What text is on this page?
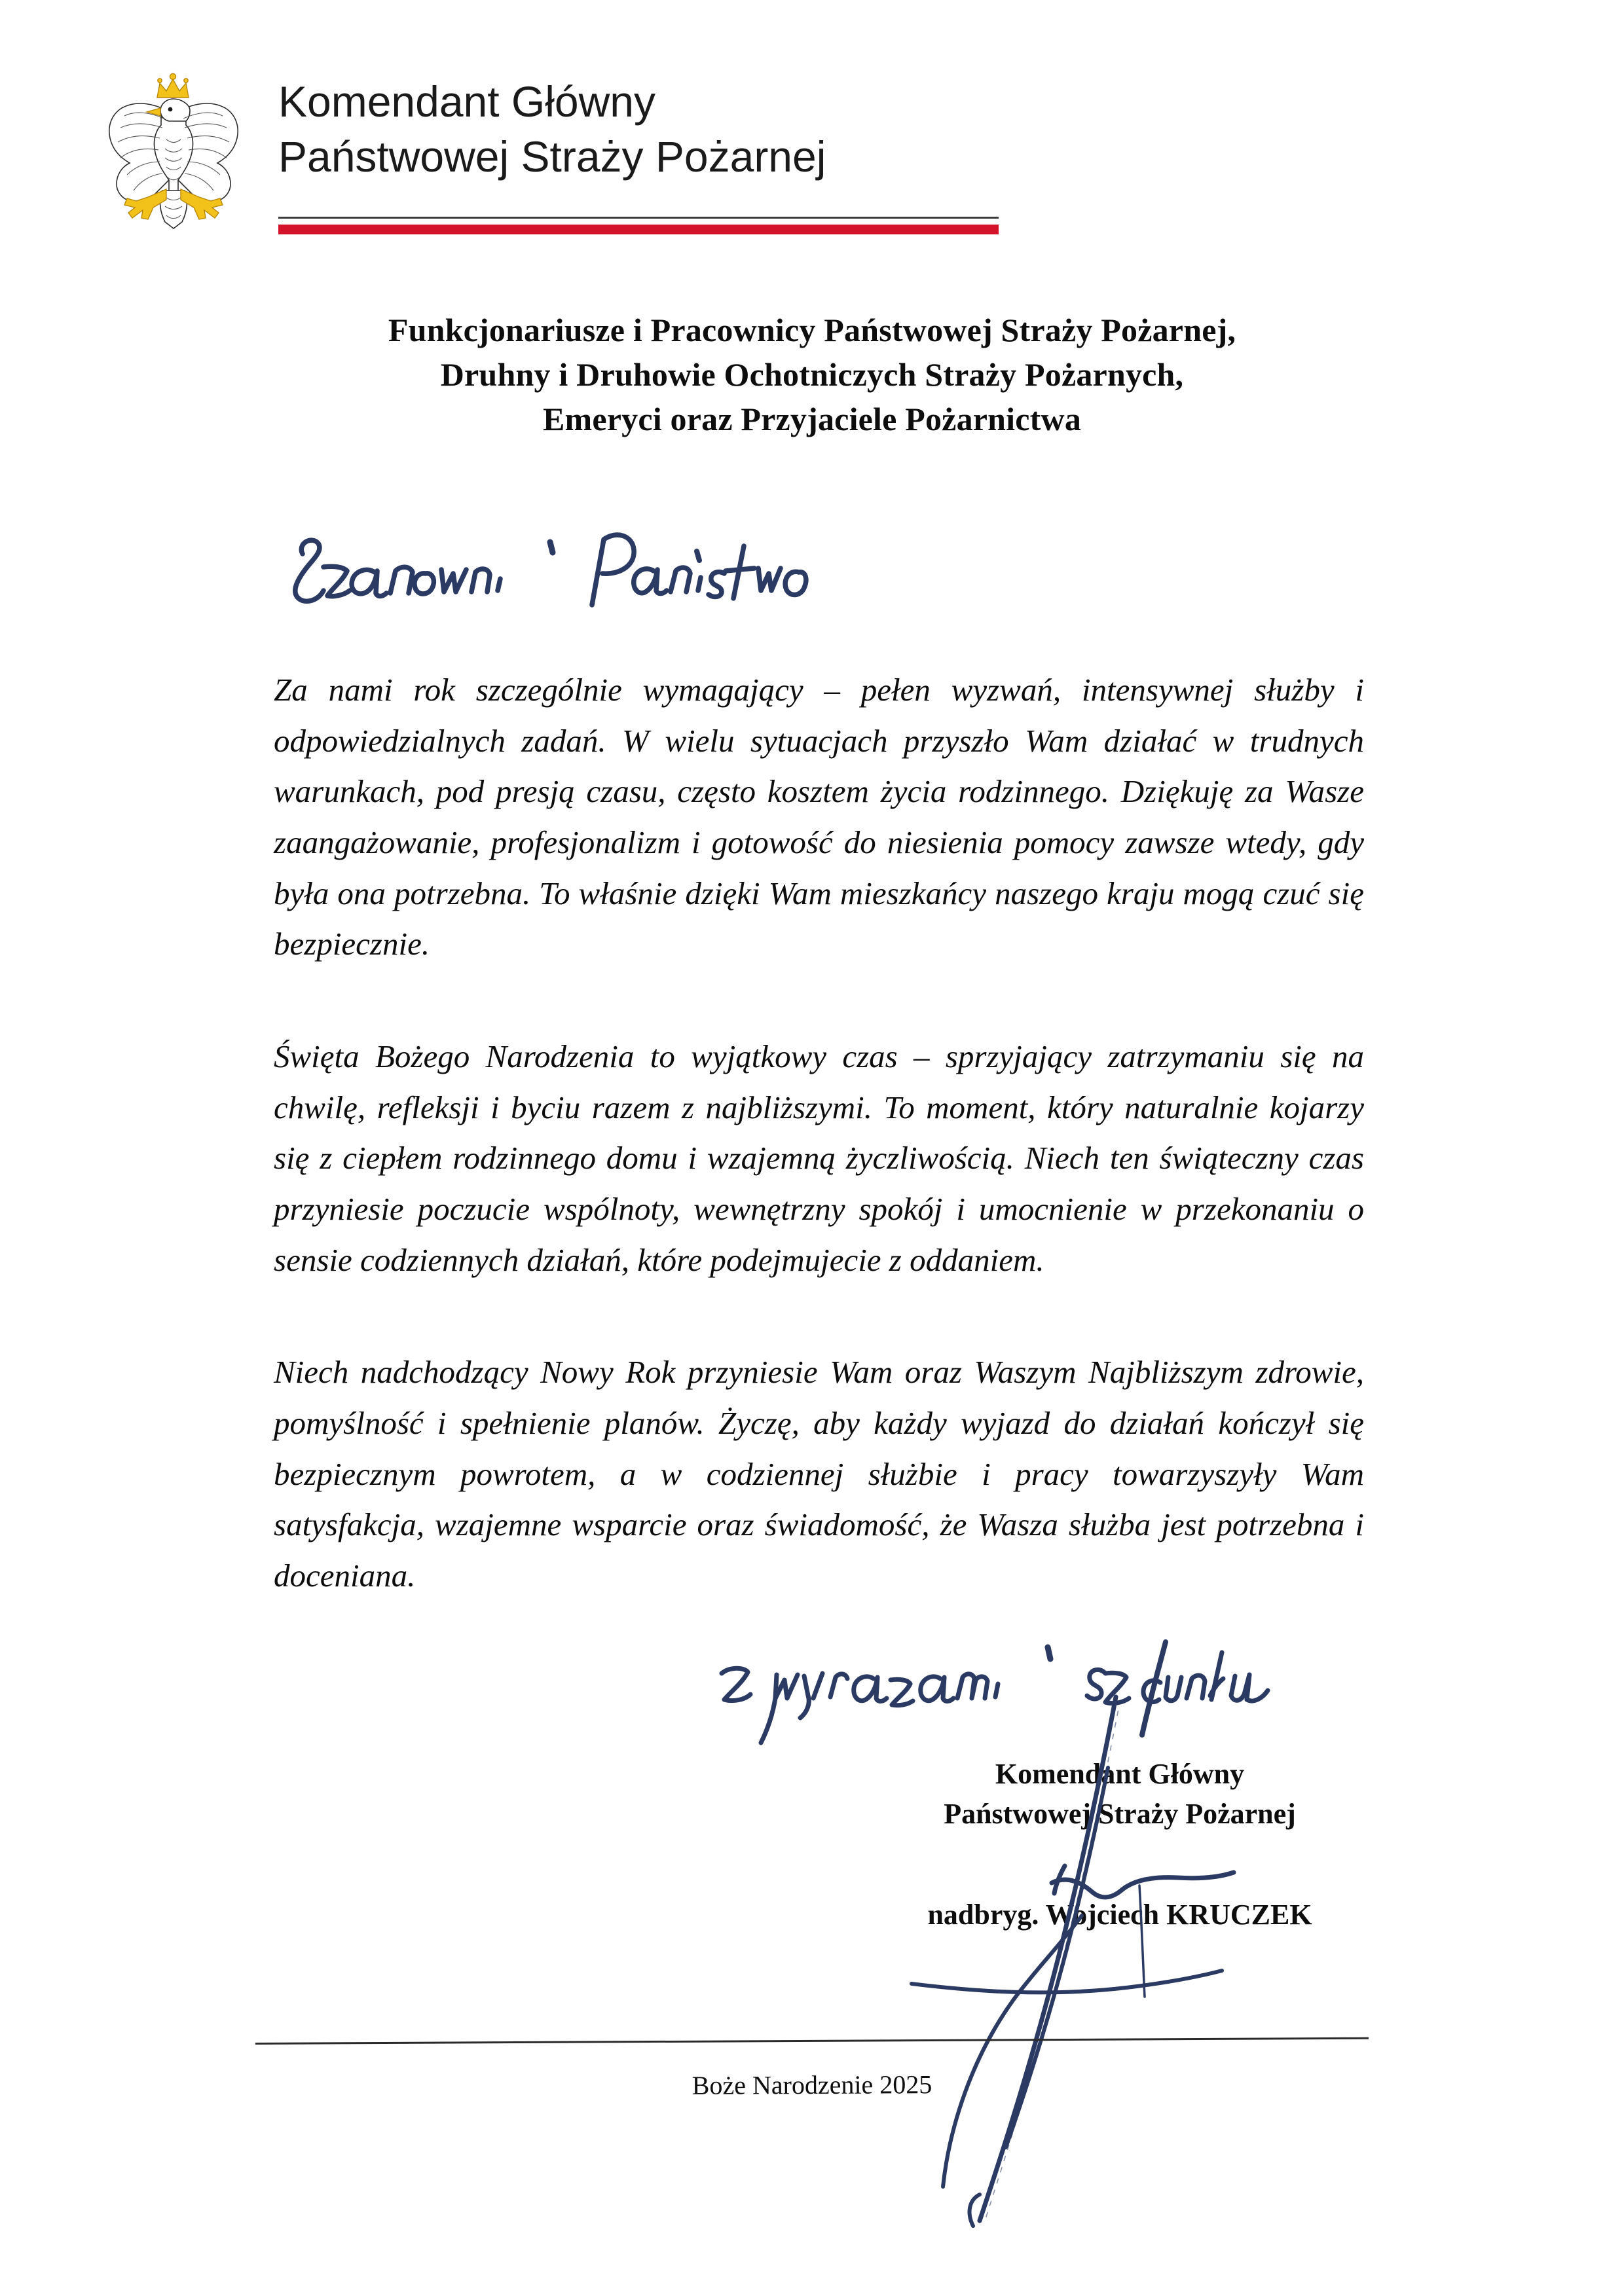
Komendant Główny
Państwowej Straży Pożarnej
Funkcjonariusze i Pracownicy Państwowej Straży Pożarnej,
Druhny i Druhowie Ochotniczych Straży Pożarnych,
Emeryci oraz Przyjaciele Pożarnictwa

Za nami rok szczególnie wymagający – pełen wyzwań, intensywnej służby i odpowiedzialnych zadań. W wielu sytuacjach przyszło Wam działać w trudnych warunkach, pod presją czasu, często kosztem życia rodzinnego. Dziękuję za Wasze zaangażowanie, profesjonalizm i gotowość do niesienia pomocy zawsze wtedy, gdy była ona potrzebna. To właśnie dzięki Wam mieszkańcy naszego kraju mogą czuć się bezpiecznie.

Święta Bożego Narodzenia to wyjątkowy czas – sprzyjający zatrzymaniu się na chwilę, refleksji i byciu razem z najbliższymi. To moment, który naturalnie kojarzy się z ciepłem rodzinnego domu i wzajemną życzliwością. Niech ten świąteczny czas przyniesie poczucie wspólnoty, wewnętrzny spokój i umocnienie w przekonaniu o sensie codziennych działań, które podejmujecie z oddaniem.

Niech nadchodzący Nowy Rok przyniesie Wam oraz Waszym Najbliższym zdrowie, pomyślność i spełnienie planów. Życzę, aby każdy wyjazd do działań kończył się bezpiecznym powrotem, a w codziennej służbie i pracy towarzyszyły Wam satysfakcja, wzajemne wsparcie oraz świadomość, że Wasza służba jest potrzebna i doceniana.

Komendant Główny
Państwowej Straży Pożarnej
nadbryg. Wojciech KRUCZEK
Boże Narodzenie 2025
